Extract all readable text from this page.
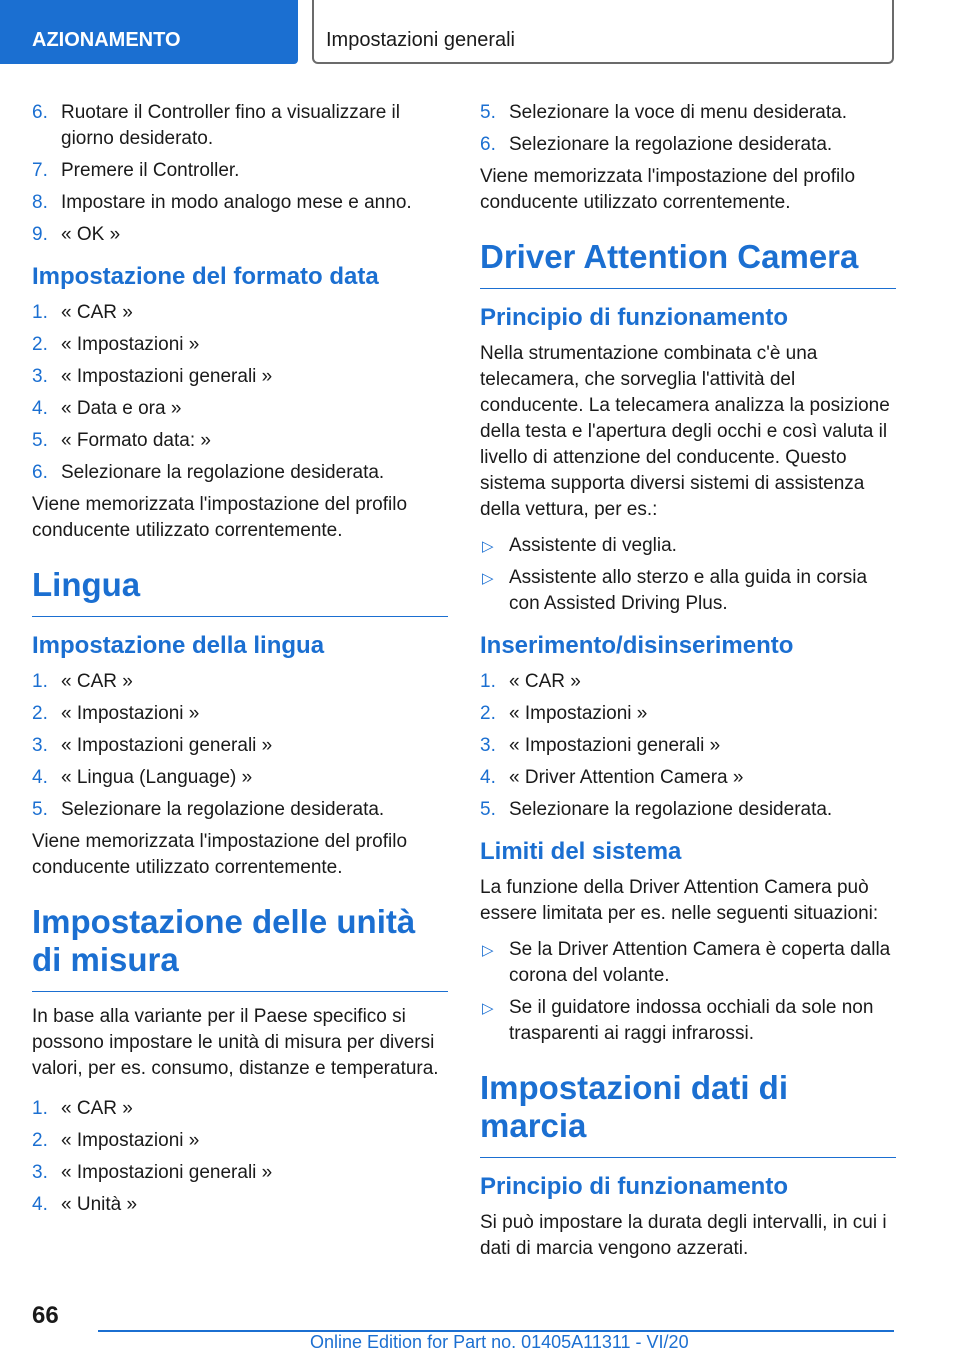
AZIONAMENTO	Impostazioni generali
6. Ruotare il Controller fino a visualizzare il giorno desiderato.
7. Premere il Controller.
8. Impostare in modo analogo mese e anno.
9. « OK »
Impostazione del formato data
1. « CAR »
2. « Impostazioni »
3. « Impostazioni generali »
4. « Data e ora »
5. « Formato data: »
6. Selezionare la regolazione desiderata.

Viene memorizzata l'impostazione del profilo conducente utilizzato correntemente.

Lingua
Impostazione della lingua
1. « CAR »
2. « Impostazioni »
3. « Impostazioni generali »
4. « Lingua (Language) »
5. Selezionare la regolazione desiderata.

Viene memorizzata l'impostazione del profilo conducente utilizzato correntemente.

Impostazione delle unità di misura

In base alla variante per il Paese specifico si possono impostare le unità di misura per diversi valori, per es. consumo, distanze e temperatura.

1. « CAR »
2. « Impostazioni »
3. « Impostazioni generali »
4. « Unità »
5. Selezionare la voce di menu desiderata.
6. Selezionare la regolazione desiderata.

Viene memorizzata l'impostazione del profilo conducente utilizzato correntemente.

Driver Attention Camera
Principio di funzionamento

Nella strumentazione combinata c'è una telecamera, che sorveglia l'attività del conducente. La telecamera analizza la posizione della testa e l'apertura degli occhi e così valuta il livello di attenzione del conducente. Questo sistema supporta diversi sistemi di assistenza della vettura, per es.:

▷ Assistente di veglia.
▷ Assistente allo sterzo e alla guida in corsia con Assisted Driving Plus.
Inserimento/disinserimento
1. « CAR »
2. « Impostazioni »
3. « Impostazioni generali »
4. « Driver Attention Camera »
5. Selezionare la regolazione desiderata.
Limiti del sistema

La funzione della Driver Attention Camera può essere limitata per es. nelle seguenti situazioni:

▷ Se la Driver Attention Camera è coperta dalla corona del volante.
▷ Se il guidatore indossa occhiali da sole non trasparenti ai raggi infrarossi.
Impostazioni dati di marcia
Principio di funzionamento

Si può impostare la durata degli intervalli, in cui i dati di marcia vengono azzerati.

66
Online Edition for Part no. 01405A11311 - VI/20
